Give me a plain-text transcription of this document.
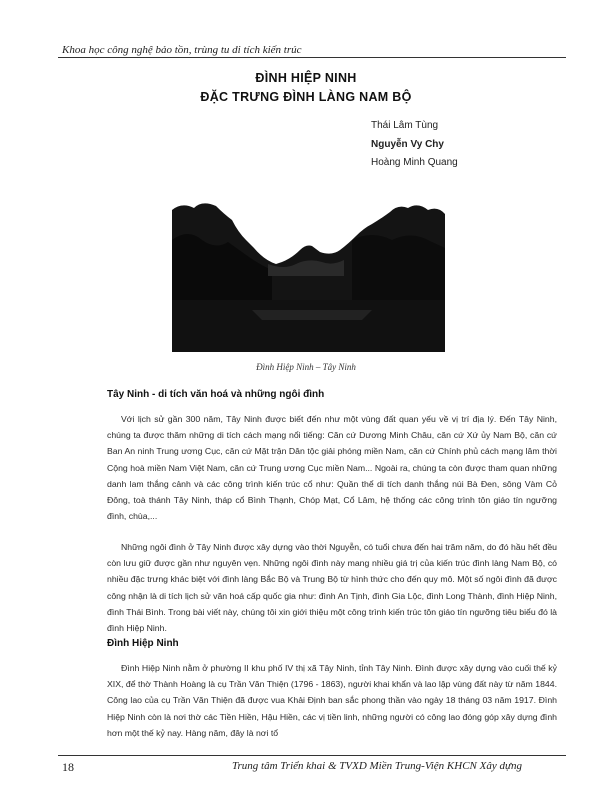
Khoa học công nghệ bảo tồn, trùng tu di tích kiến trúc
ĐÌNH HIỆP NINH
ĐẶC TRƯNG ĐÌNH LÀNG NAM BỘ
Thái Lâm Tùng
Nguyễn Vy Chy
Hoàng Minh Quang
Đình Hiệp Ninh – Tây Ninh
Tây Ninh - di tích văn hoá và những ngôi đình

Với lịch sử gần 300 năm, Tây Ninh được biết đến như một vùng đất quan yếu về vị trí địa lý. Đến Tây Ninh, chúng ta được thăm những di tích cách mạng nổi tiếng: Căn cứ Dương Minh Châu, căn cứ Xứ ủy Nam Bộ, căn cứ Ban An ninh Trung ương Cục, căn cứ Mặt trận Dân tộc giải phóng miền Nam, căn cứ Chính phủ cách mạng lâm thời Cộng hoà miền Nam Việt Nam, căn cứ Trung ương Cục miền Nam... Ngoài ra, chúng ta còn được tham quan những danh lam thắng cảnh và các công trình kiến trúc cổ như: Quần thể di tích danh thắng núi Bà Đen, sông Vàm Cỏ Đông, toà thánh Tây Ninh, tháp cổ Bình Thạnh, Chóp Mạt, Cổ Lâm, hệ thống các công trình tôn giáo tín ngưỡng đình, chùa,...

Những ngôi đình ở Tây Ninh được xây dựng vào thời Nguyễn, có tuổi chưa đến hai trăm năm, do đó hầu hết đều còn lưu giữ được gần như nguyên vẹn. Những ngôi đình này mang nhiều giá trị của kiến trúc đình làng Nam Bộ, có nhiều đặc trưng khác biệt với đình làng Bắc Bộ và Trung Bộ từ hình thức cho đến quy mô. Một số ngôi đình đã được công nhận là di tích lịch sử văn hoá cấp quốc gia như: đình An Tịnh, đình Gia Lộc, đình Long Thành, đình Hiệp Ninh, đình Thái Bình. Trong bài viết này, chúng tôi xin giới thiệu một công trình kiến trúc tôn giáo tín ngưỡng tiêu biểu đó là đình Hiệp Ninh.

Đình Hiệp Ninh

Đình Hiệp Ninh nằm ở phường II khu phố IV thị xã Tây Ninh, tỉnh Tây Ninh. Đình được xây dựng vào cuối thế kỷ XIX, để thờ Thành Hoàng là cụ Trần Văn Thiện (1796 - 1863), người khai khẩn và lao lập vùng đất này từ năm 1844. Công lao của cụ Trần Văn Thiện đã được vua Khải Định ban sắc phong thần vào ngày 18 tháng 03 năm 1917. Đình Hiệp Ninh còn là nơi thờ các Tiền Hiền, Hậu Hiền, các vị tiền linh, những người có công lao đóng góp xây dựng đình hơn một thế kỷ nay. Hàng năm, đây là nơi tổ

18	Trung tâm Triển khai & TVXD Miền Trung-Viện KHCN Xây dựng
